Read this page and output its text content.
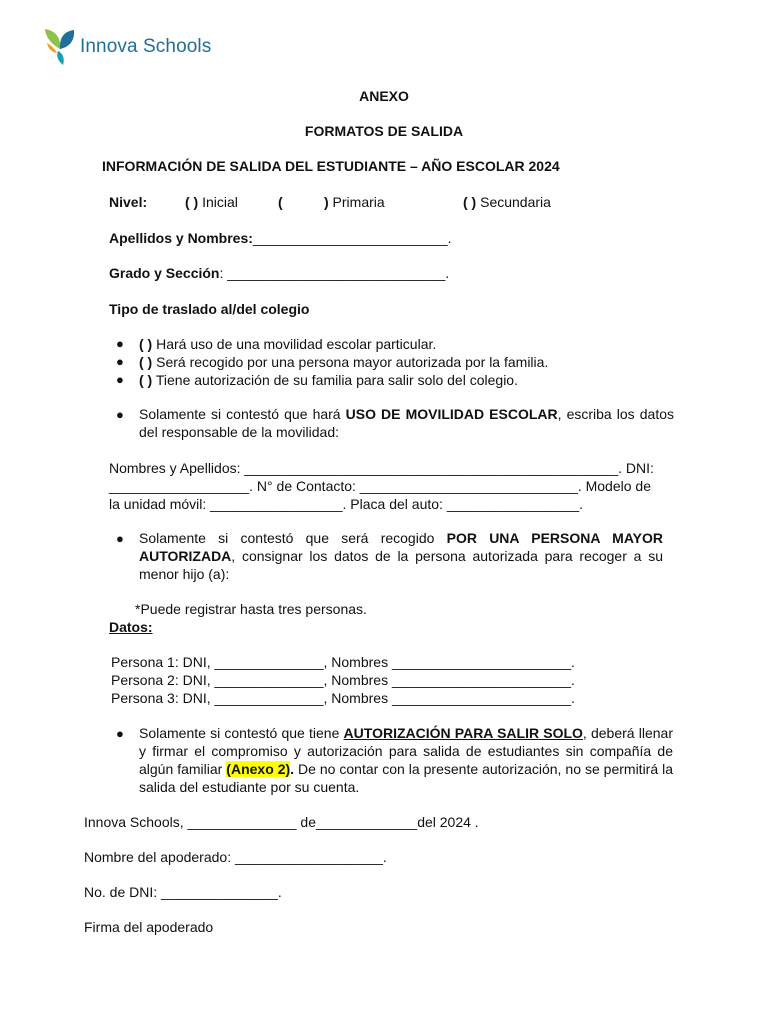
Innova Schools
ANEXO
FORMATOS DE SALIDA
INFORMACIÓN DE SALIDA DEL ESTUDIANTE – AÑO ESCOLAR 2024
Nivel:	( ) Inicial	(	) Primaria	( ) Secundaria
Apellidos y Nombres:_________________________.
Grado y Sección: ____________________________.
Tipo de traslado al/del colegio
● ( ) Hará uso de una movilidad escolar particular.
● ( ) Será recogido por una persona mayor autorizada por la familia.
● ( ) Tiene autorización de su familia para salir solo del colegio.
● Solamente si contestó que hará USO DE MOVILIDAD ESCOLAR, escriba los datos del responsable de la movilidad:
Nombres y Apellidos: ________________________________________________. DNI:
__________________. N° de Contacto: ____________________________. Modelo de
la unidad móvil: _________________. Placa del auto: _________________.
● Solamente si contestó que será recogido POR UNA PERSONA MAYOR AUTORIZADA, consignar los datos de la persona autorizada para recoger a su menor hijo (a):
*Puede registrar hasta tres personas.
Datos:
Persona 1: DNI, ______________, Nombres _______________________.
Persona 2: DNI, ______________, Nombres _______________________.
Persona 3: DNI, ______________, Nombres _______________________.
● Solamente si contestó que tiene AUTORIZACIÓN PARA SALIR SOLO, deberá llenar y firmar el compromiso y autorización para salida de estudiantes sin compañía de algún familiar (Anexo 2). De no contar con la presente autorización, no se permitirá la salida del estudiante por su cuenta.
Innova Schools, ______________ de_____________del 2024 .
Nombre del apoderado: ___________________.
No. de DNI: _______________.
Firma del apoderado
